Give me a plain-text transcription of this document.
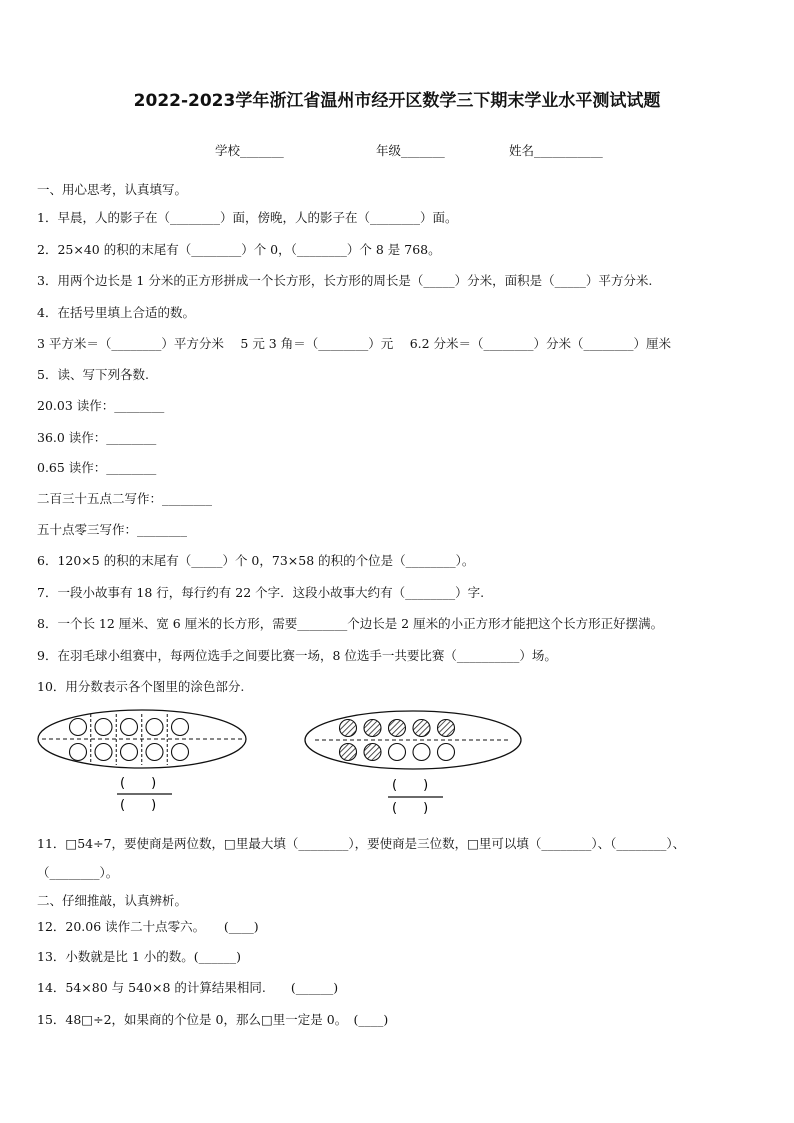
2022-2023学年浙江省温州市经开区数学三下期末学业水平测试试题
学校_______	年级_______	姓名___________
一、用心思考，认真填写。
1．早晨，人的影子在（________）面，傍晚，人的影子在（________）面。
2．25×40 的积的末尾有（________）个 0，（________）个 8 是 768。
3．用两个边长是 1 分米的正方形拼成一个长方形，长方形的周长是（_____）分米，面积是（_____）平方分米.
4．在括号里填上合适的数。
3 平方米＝（________）平方分米　 5 元 3 角＝（________）元　 6.2 分米＝（________）分米（________）厘米
5．读、写下列各数.
20.03 读作：________
36.0 读作：________
0.65 读作：________
二百三十五点二写作：________
五十点零三写作：________
6．120×5 的积的末尾有（_____）个 0，73×58 的积的个位是（________）。
7．一段小故事有 18 行，每行约有 22 个字．这段小故事大约有（________）字.
8．一个长 12 厘米、宽 6 厘米的长方形，需要________个边长是 2 厘米的小正方形才能把这个长方形正好摆满。
9．在羽毛球小组赛中，每两位选手之间要比赛一场，8 位选手一共要比赛（__________）场。
10．用分数表示各个图里的涂色部分.
(　　)
(　　)
(　　)
(　　)
11．□54÷7，要使商是两位数，□里最大填（________），要使商是三位数，□里可以填（________）、（________）、
（________）。
二、仔细推敲，认真辨析。
12．20.06 读作二十点零六。　　(____)
13．小数就是比 1 小的数。(______)
14．54×80 与 540×8 的计算结果相同.　　(______)
15．48□÷2，如果商的个位是 0，那么□里一定是 0。　(____)
